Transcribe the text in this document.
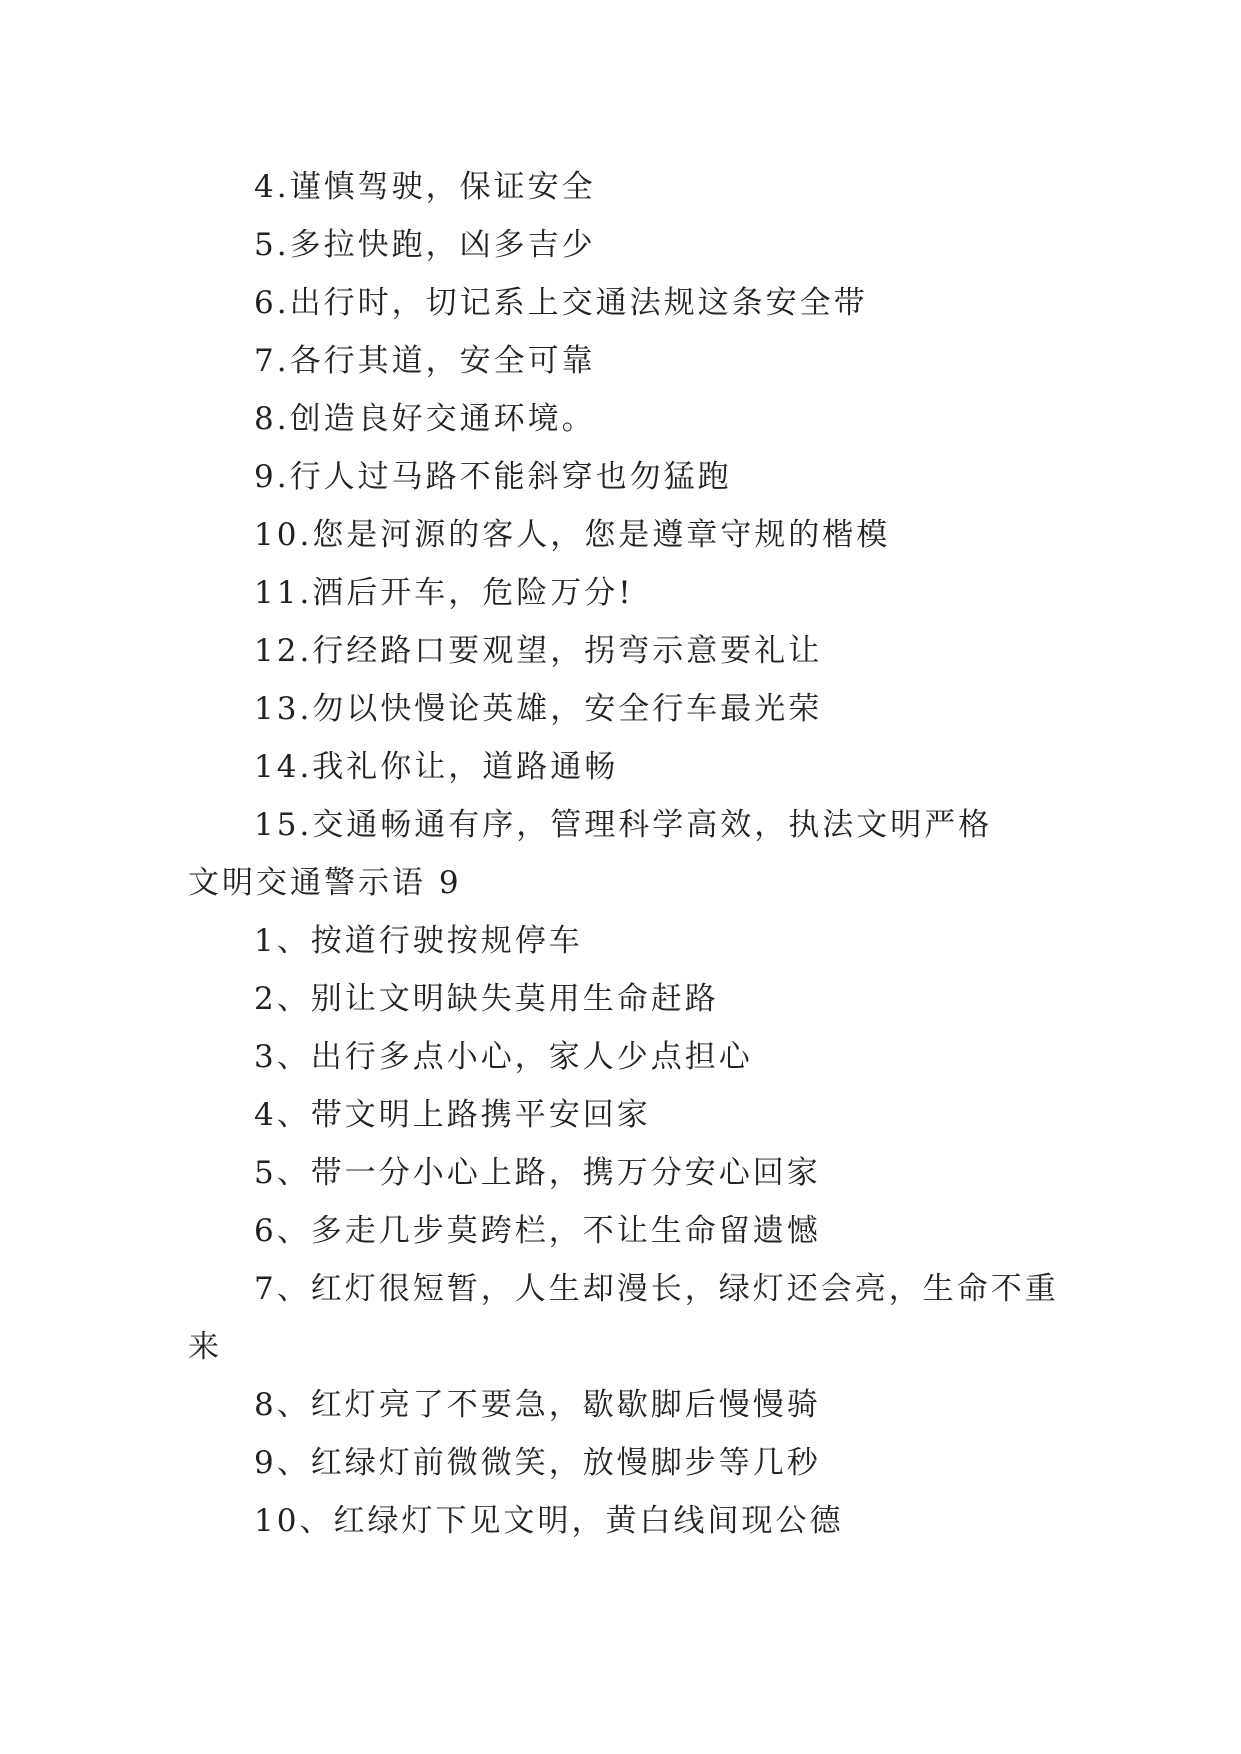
4.谨慎驾驶，保证安全
5.多拉快跑，凶多吉少
6.出行时，切记系上交通法规这条安全带
7.各行其道，安全可靠
8.创造良好交通环境。
9.行人过马路不能斜穿也勿猛跑
10.您是河源的客人，您是遵章守规的楷模
11.酒后开车，危险万分!
12.行经路口要观望，拐弯示意要礼让
13.勿以快慢论英雄，安全行车最光荣
14.我礼你让，道路通畅
15.交通畅通有序，管理科学高效，执法文明严格
文明交通警示语 9
1、按道行驶按规停车
2、别让文明缺失莫用生命赶路
3、出行多点小心，家人少点担心
4、带文明上路携平安回家
5、带一分小心上路，携万分安心回家
6、多走几步莫跨栏，不让生命留遗憾
7、红灯很短暂，人生却漫长，绿灯还会亮，生命不重
来
8、红灯亮了不要急，歇歇脚后慢慢骑
9、红绿灯前微微笑，放慢脚步等几秒
10、红绿灯下见文明，黄白线间现公德
